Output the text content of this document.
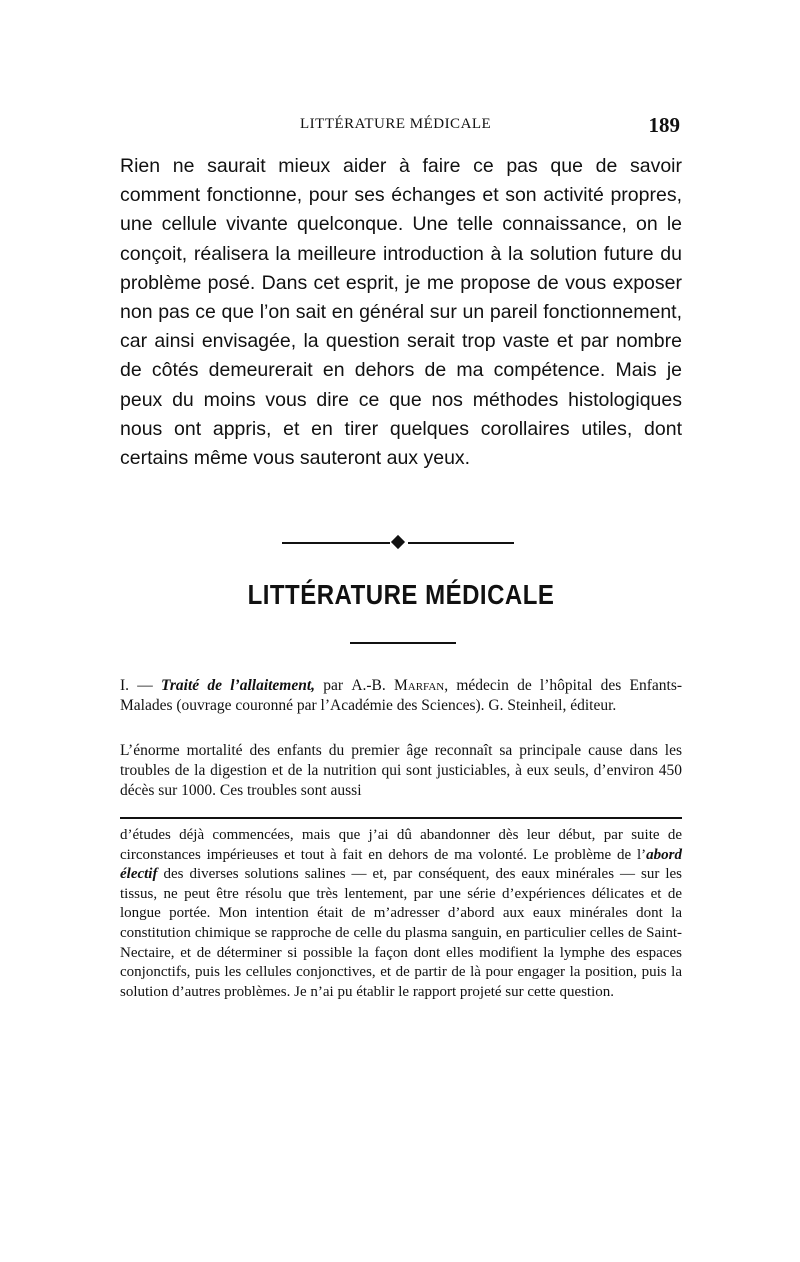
LITTÉRATURE MÉDICALE	189

Rien ne saurait mieux aider à faire ce pas que de savoir comment fonctionne, pour ses échanges et son activité propres, une cellule vivante quelconque. Une telle connaissance, on le conçoit, réalisera la meilleure introduction à la solution future du problème posé. Dans cet esprit, je me propose de vous exposer non pas ce que l’on sait en général sur un pareil fonctionnement, car ainsi envisagée, la question serait trop vaste et par nombre de côtés demeurerait en dehors de ma compétence. Mais je peux du moins vous dire ce que nos méthodes histologiques nous ont appris, et en tirer quelques corollaires utiles, dont certains même vous sauteront aux yeux.

LITTÉRATURE MÉDICALE

I. — Traité de l’allaitement, par A.-B. Marfan, médecin de l’hôpital des Enfants-Malades (ouvrage couronné par l’Académie des Sciences). G. Steinheil, éditeur.

L’énorme mortalité des enfants du premier âge reconnaît sa principale cause dans les troubles de la digestion et de la nutrition qui sont justiciables, à eux seuls, d’environ 450 décès sur 1000. Ces troubles sont aussi

d’études déjà commencées, mais que j’ai dû abandonner dès leur début, par suite de circonstances impérieuses et tout à fait en dehors de ma volonté. Le problème de l’abord électif des diverses solutions salines — et, par conséquent, des eaux minérales — sur les tissus, ne peut être résolu que très lentement, par une série d’expériences délicates et de longue portée. Mon intention était de m’adresser d’abord aux eaux minérales dont la constitution chimique se rapproche de celle du plasma sanguin, en particulier celles de Saint-Nectaire, et de déterminer si possible la façon dont elles modifient la lymphe des espaces conjonctifs, puis les cellules conjonctives, et de partir de là pour engager la position, puis la solution d’autres problèmes. Je n’ai pu établir le rapport projeté sur cette question.
